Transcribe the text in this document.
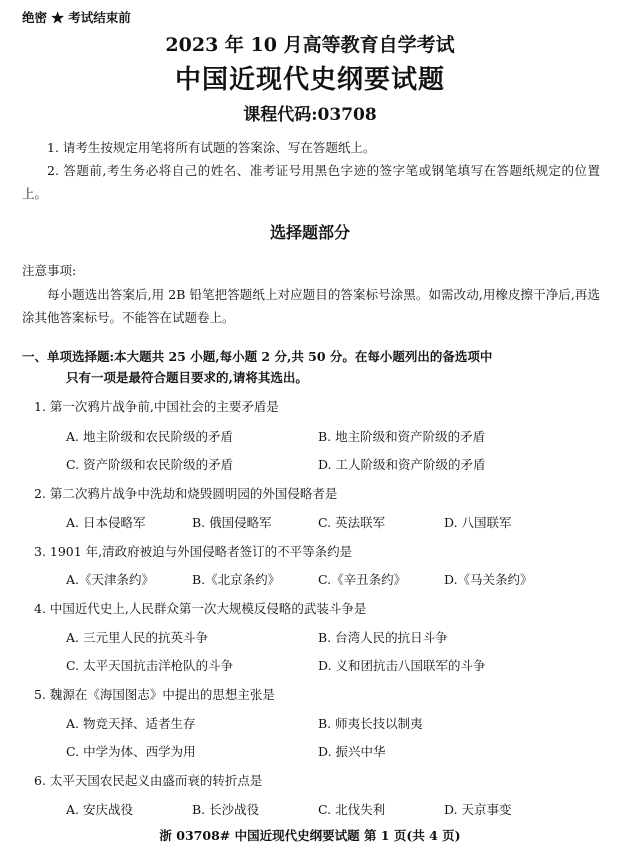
绝密 ★ 考试结束前
2023 年 10 月高等教育自学考试
中国近现代史纲要试题
课程代码:03708
1. 请考生按规定用笔将所有试题的答案涂、写在答题纸上。
2. 答题前,考生务必将自己的姓名、准考证号用黑色字迹的签字笔或钢笔填写在答题纸规定的位置上。
选择题部分
注意事项:
每小题选出答案后,用 2B 铅笔把答题纸上对应题目的答案标号涂黑。如需改动,用橡皮擦干净后,再选涂其他答案标号。不能答在试题卷上。
一、单项选择题:本大题共 25 小题,每小题 2 分,共 50 分。在每小题列出的备选项中
只有一项是最符合题目要求的,请将其选出。
1. 第一次鸦片战争前,中国社会的主要矛盾是
A. 地主阶级和农民阶级的矛盾	B. 地主阶级和资产阶级的矛盾
C. 资产阶级和农民阶级的矛盾	D. 工人阶级和资产阶级的矛盾
2. 第二次鸦片战争中洗劫和烧毁圆明园的外国侵略者是
A. 日本侵略军	B. 俄国侵略军	C. 英法联军	D. 八国联军
3. 1901 年,清政府被迫与外国侵略者签订的不平等条约是
A.《天津条约》	B.《北京条约》	C.《辛丑条约》	D.《马关条约》
4. 中国近代史上,人民群众第一次大规模反侵略的武装斗争是
A. 三元里人民的抗英斗争	B. 台湾人民的抗日斗争
C. 太平天国抗击洋枪队的斗争	D. 义和团抗击八国联军的斗争
5. 魏源在《海国图志》中提出的思想主张是
A. 物竞天择、适者生存	B. 师夷长技以制夷
C. 中学为体、西学为用	D. 振兴中华
6. 太平天国农民起义由盛而衰的转折点是
A. 安庆战役	B. 长沙战役	C. 北伐失利	D. 天京事变
浙 03708# 中国近现代史纲要试题 第 1 页(共 4 页)
